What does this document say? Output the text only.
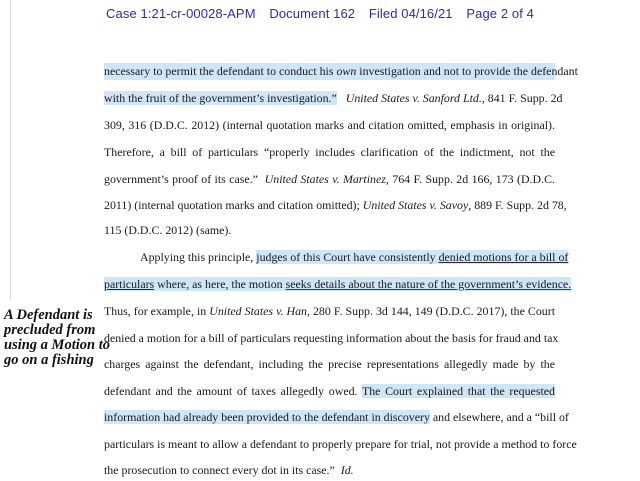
Case 1:21-cr-00028-APM Document 162 Filed 04/16/21 Page 2 of 4
necessary to permit the defendant to conduct his own investigation and not to provide the defendant
with the fruit of the government’s investigation.” United States v. Sanford Ltd., 841 F. Supp. 2d
309, 316 (D.D.C. 2012) (internal quotation marks and citation omitted, emphasis in original).
Therefore, a bill of particulars “properly includes clarification of the indictment, not the
government’s proof of its case.” United States v. Martinez, 764 F. Supp. 2d 166, 173 (D.D.C.
2011) (internal quotation marks and citation omitted); United States v. Savoy, 889 F. Supp. 2d 78,
115 (D.D.C. 2012) (same).
Applying this principle, judges of this Court have consistently denied motions for a bill of
particulars where, as here, the motion seeks details about the nature of the government’s evidence.
Thus, for example, in United States v. Han, 280 F. Supp. 3d 144, 149 (D.D.C. 2017), the Court
denied a motion for a bill of particulars requesting information about the basis for fraud and tax
charges against the defendant, including the precise representations allegedly made by the
defendant and the amount of taxes allegedly owed. The Court explained that the requested
information had already been provided to the defendant in discovery and elsewhere, and a “bill of
particulars is meant to allow a defendant to properly prepare for trial, not provide a method to force
the prosecution to connect every dot in its case.” Id.
A Defendant is
precluded from
using a Motion to
go on a fishing
